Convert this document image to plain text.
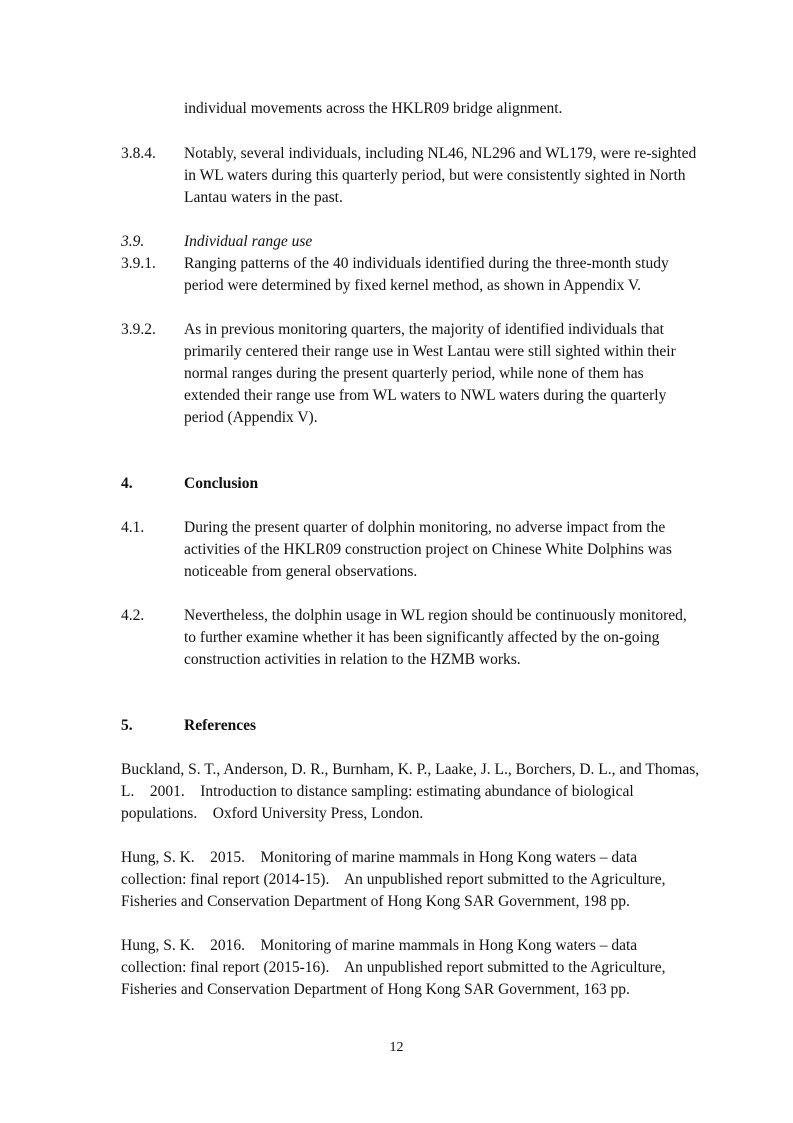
individual movements across the HKLR09 bridge alignment.
3.8.4.	Notably, several individuals, including NL46, NL296 and WL179, were re-sighted in WL waters during this quarterly period, but were consistently sighted in North Lantau waters in the past.
3.9.	Individual range use
3.9.1.	Ranging patterns of the 40 individuals identified during the three-month study period were determined by fixed kernel method, as shown in Appendix V.
3.9.2.	As in previous monitoring quarters, the majority of identified individuals that primarily centered their range use in West Lantau were still sighted within their normal ranges during the present quarterly period, while none of them has extended their range use from WL waters to NWL waters during the quarterly period (Appendix V).
4.	Conclusion
4.1.	During the present quarter of dolphin monitoring, no adverse impact from the activities of the HKLR09 construction project on Chinese White Dolphins was noticeable from general observations.
4.2.	Nevertheless, the dolphin usage in WL region should be continuously monitored, to further examine whether it has been significantly affected by the on-going construction activities in relation to the HZMB works.
5.	References
Buckland, S. T., Anderson, D. R., Burnham, K. P., Laake, J. L., Borchers, D. L., and Thomas, L.    2001.    Introduction to distance sampling: estimating abundance of biological populations.    Oxford University Press, London.
Hung, S. K.    2015.    Monitoring of marine mammals in Hong Kong waters – data collection: final report (2014-15).    An unpublished report submitted to the Agriculture, Fisheries and Conservation Department of Hong Kong SAR Government, 198 pp.
Hung, S. K.    2016.    Monitoring of marine mammals in Hong Kong waters – data collection: final report (2015-16).    An unpublished report submitted to the Agriculture, Fisheries and Conservation Department of Hong Kong SAR Government, 163 pp.
12
